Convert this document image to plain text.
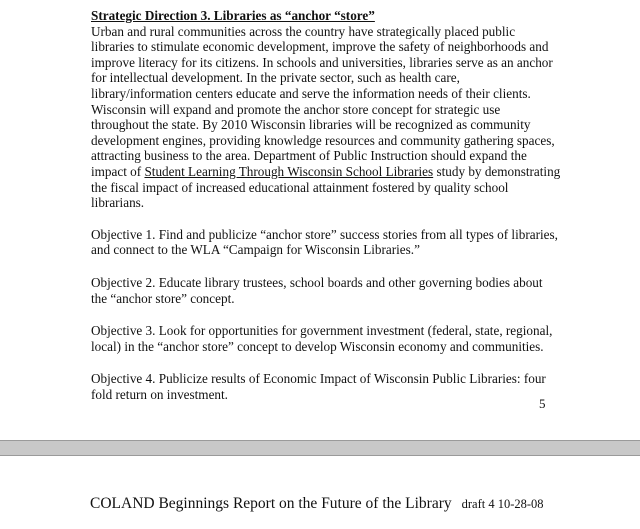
Strategic Direction 3. Libraries as “anchor “store”

Urban and rural communities across the country have strategically placed public libraries to stimulate economic development, improve the safety of neighborhoods and improve literacy for its citizens. In schools and universities, libraries serve as an anchor for intellectual development. In the private sector, such as health care, library/information centers educate and serve the information needs of their clients. Wisconsin will expand and promote the anchor store concept for strategic use throughout the state. By 2010 Wisconsin libraries will be recognized as community development engines, providing knowledge resources and community gathering spaces, attracting business to the area. Department of Public Instruction should expand the impact of Student Learning Through Wisconsin School Libraries study by demonstrating the fiscal impact of increased educational attainment fostered by quality school librarians.

Objective 1. Find and publicize “anchor store” success stories from all types of libraries, and connect to the WLA “Campaign for Wisconsin Libraries.”

Objective 2. Educate library trustees, school boards and other governing bodies about the “anchor store” concept.

Objective 3. Look for opportunities for government investment (federal, state, regional, local) in the “anchor store” concept to develop Wisconsin economy and communities.

Objective 4. Publicize results of Economic Impact of Wisconsin Public Libraries: four fold return on investment.

5
COLAND Beginnings Report on the Future of the Library draft 4 10-28-08
